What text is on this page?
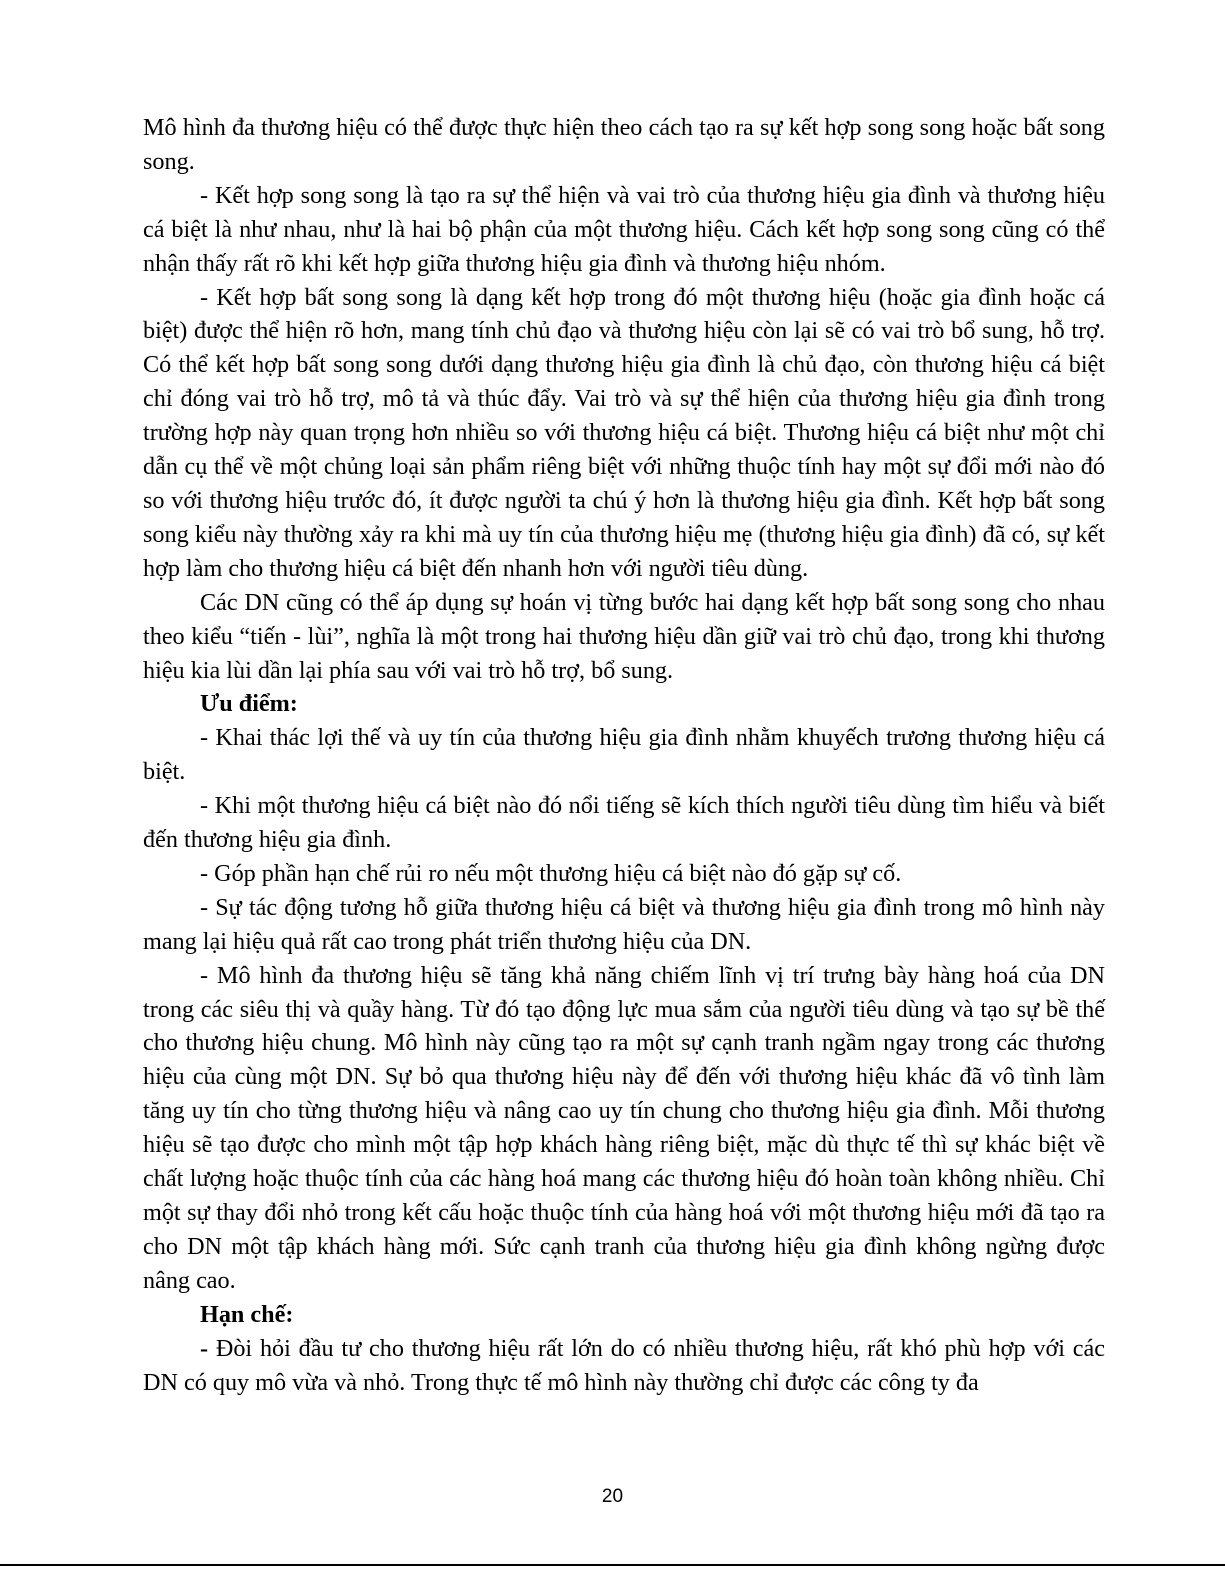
Mô hình đa thương hiệu có thể được thực hiện theo cách tạo ra sự kết hợp song song hoặc bất song song.

- Kết hợp song song là tạo ra sự thể hiện và vai trò của thương hiệu gia đình và thương hiệu cá biệt là như nhau, như là hai bộ phận của một thương hiệu. Cách kết hợp song song cũng có thể nhận thấy rất rõ khi kết hợp giữa thương hiệu gia đình và thương hiệu nhóm.

- Kết hợp bất song song là dạng kết hợp trong đó một thương hiệu (hoặc gia đình hoặc cá biệt) được thể hiện rõ hơn, mang tính chủ đạo và thương hiệu còn lại sẽ có vai trò bổ sung, hỗ trợ. Có thể kết hợp bất song song dưới dạng thương hiệu gia đình là chủ đạo, còn thương hiệu cá biệt chỉ đóng vai trò hỗ trợ, mô tả và thúc đẩy. Vai trò và sự thể hiện của thương hiệu gia đình trong trường hợp này quan trọng hơn nhiều so với thương hiệu cá biệt. Thương hiệu cá biệt như một chỉ dẫn cụ thể về một chủng loại sản phẩm riêng biệt với những thuộc tính hay một sự đổi mới nào đó so với thương hiệu trước đó, ít được người ta chú ý hơn là thương hiệu gia đình. Kết hợp bất song song kiểu này thường xảy ra khi mà uy tín của thương hiệu mẹ (thương hiệu gia đình) đã có, sự kết hợp làm cho thương hiệu cá biệt đến nhanh hơn với người tiêu dùng.

Các DN cũng có thể áp dụng sự hoán vị từng bước hai dạng kết hợp bất song song cho nhau theo kiểu “tiến - lùi”, nghĩa là một trong hai thương hiệu dần giữ vai trò chủ đạo, trong khi thương hiệu kia lùi dần lại phía sau với vai trò hỗ trợ, bổ sung.

Ưu điểm:

- Khai thác lợi thế và uy tín của thương hiệu gia đình nhằm khuyếch trương thương hiệu cá biệt.

- Khi một thương hiệu cá biệt nào đó nổi tiếng sẽ kích thích người tiêu dùng tìm hiểu và biết đến thương hiệu gia đình.

- Góp phần hạn chế rủi ro nếu một thương hiệu cá biệt nào đó gặp sự cố.

- Sự tác động tương hỗ giữa thương hiệu cá biệt và thương hiệu gia đình trong mô hình này mang lại hiệu quả rất cao trong phát triển thương hiệu của DN.

- Mô hình đa thương hiệu sẽ tăng khả năng chiếm lĩnh vị trí trưng bày hàng hoá của DN trong các siêu thị và quầy hàng. Từ đó tạo động lực mua sắm của người tiêu dùng và tạo sự bề thế cho thương hiệu chung. Mô hình này cũng tạo ra một sự cạnh tranh ngầm ngay trong các thương hiệu của cùng một DN. Sự bỏ qua thương hiệu này để đến với thương hiệu khác đã vô tình làm tăng uy tín cho từng thương hiệu và nâng cao uy tín chung cho thương hiệu gia đình. Mỗi thương hiệu sẽ tạo được cho mình một tập hợp khách hàng riêng biệt, mặc dù thực tế thì sự khác biệt về chất lượng hoặc thuộc tính của các hàng hoá mang các thương hiệu đó hoàn toàn không nhiều. Chỉ một sự thay đổi nhỏ trong kết cấu hoặc thuộc tính của hàng hoá với một thương hiệu mới đã tạo ra cho DN một tập khách hàng mới. Sức cạnh tranh của thương hiệu gia đình không ngừng được nâng cao.

Hạn chế:

- Đòi hỏi đầu tư cho thương hiệu rất lớn do có nhiều thương hiệu, rất khó phù hợp với các DN có quy mô vừa và nhỏ. Trong thực tế mô hình này thường chỉ được các công ty đa

20
